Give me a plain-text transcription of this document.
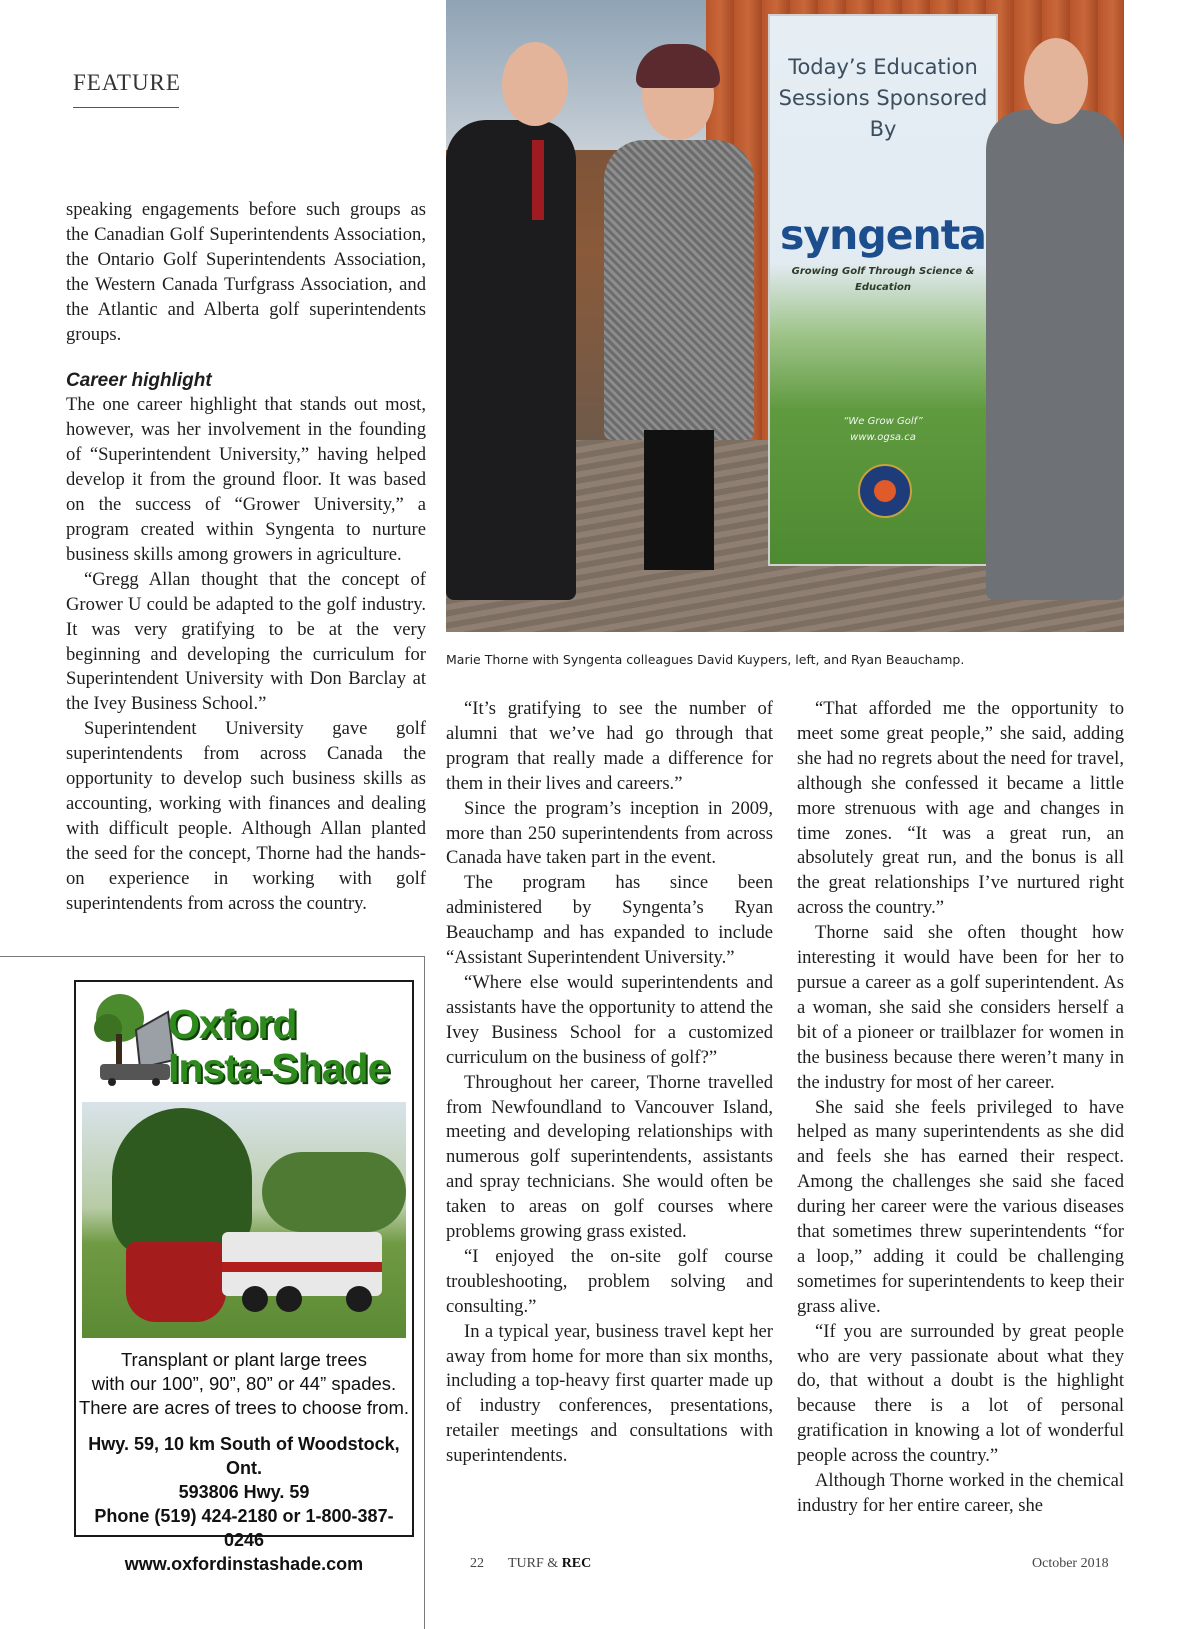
FEATURE

speaking engagements before such groups as the Canadian Golf Superintendents Association, the Ontario Golf Superintendents Association, the Western Canada Turfgrass Association, and the Atlantic and Alberta golf superintendents groups.

Career highlight

The one career highlight that stands out most, however, was her involvement in the founding of “Superintendent University,” having helped develop it from the ground floor. It was based on the success of “Grower University,” a program created within Syngenta to nurture business skills among growers in agriculture.

“Gregg Allan thought that the concept of Grower U could be adapted to the golf industry. It was very gratifying to be at the very beginning and developing the curriculum for Superintendent University with Don Barclay at the Ivey Business School.”

Superintendent University gave golf superintendents from across Canada the opportunity to develop such business skills as accounting, working with finances and dealing with difficult people. Although Allan planted the seed for the concept, Thorne had the hands-on experience in working with golf superintendents from across the country.

Today’s Education Sessions Sponsored By
syngenta
Growing Golf Through Science & Education
“We Grow Golf”
www.ogsa.ca
Marie Thorne with Syngenta colleagues David Kuypers, left, and Ryan Beauchamp.

“It’s gratifying to see the number of alumni that we’ve had go through that program that really made a difference for them in their lives and careers.”

Since the program’s inception in 2009, more than 250 superintendents from across Canada have taken part in the event.

The program has since been administered by Syngenta’s Ryan Beauchamp and has expanded to include “Assistant Superintendent University.”

“Where else would superintendents and assistants have the opportunity to attend the Ivey Business School for a customized curriculum on the business of golf?”

Throughout her career, Thorne travelled from Newfoundland to Vancouver Island, meeting and developing relationships with numerous golf superintendents, assistants and spray technicians. She would often be taken to areas on golf courses where problems growing grass existed.

“I enjoyed the on-site golf course troubleshooting, problem solving and consulting.”

In a typical year, business travel kept her away from home for more than six months, including a top-heavy first quarter made up of industry conferences, presentations, retailer meetings and consultations with superintendents.

“That afforded me the opportunity to meet some great people,” she said, adding she had no regrets about the need for travel, although she confessed it became a little more strenuous with age and changes in time zones. “It was a great run, an absolutely great run, and the bonus is all the great relationships I’ve nurtured right across the country.”

Thorne said she often thought how interesting it would have been for her to pursue a career as a golf superintendent. As a woman, she said she considers herself a bit of a pioneer or trailblazer for women in the business because there weren’t many in the industry for most of her career.

She said she feels privileged to have helped as many superintendents as she did and feels she has earned their respect. Among the challenges she said she faced during her career were the various diseases that sometimes threw superintendents “for a loop,” adding it could be challenging sometimes for superintendents to keep their grass alive.

“If you are surrounded by great people who are very passionate about what they do, that without a doubt is the highlight because there is a lot of personal gratification in knowing a lot of wonderful people across the country.”

Although Thorne worked in the chemical industry for her entire career, she

Oxford
Insta-Shade
Transplant or plant large trees
with our 100”, 90”, 80” or 44” spades.
There are acres of trees to choose from.
Hwy. 59, 10 km South of Woodstock, Ont.
593806 Hwy. 59
Phone (519) 424-2180 or 1-800-387-0246
www.oxfordinstashade.com	22 TURF & REC	October 2018
